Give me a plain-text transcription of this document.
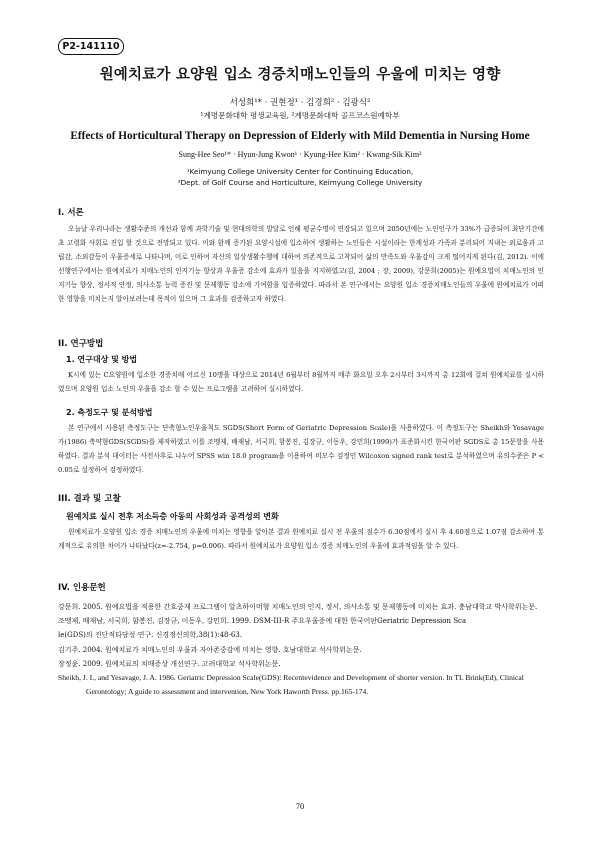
P2-141110
원예치료가 요양원 입소 경증치매노인들의 우울에 미치는 영향
서성희¹* · 권현정¹ · 김경희² · 김광식²
¹계명문화대학 평생교육원, ²계명문화대학 골프코스원예학부
Effects of Horticultural Therapy on Depression of Elderly with Mild Dementia in Nursing Home
Sung-Hee Seo¹* · Hyun-Jung Kwon¹ · Kyung-Hee Kim² · Kwang-Sik Kim²
¹Keimyung College University Center for Continuing Education,
²Dept. of Golf Course and Horticulture, Keimyung College University
I. 서론

오늘날 우리나라는 생활수준의 개선과 함께 과학기술 및 현대의학의 발달로 인해 평균수명이 연장되고 있으며 2050년에는 노인인구가 33%가 급증되어 최단기간에 초 고령화 사회로 진입 할 것으로 전망되고 있다. 이와 함께 증가된 요양시설에 입소하여 생활하는 노인들은 시설이라는 한계성과 가족과 분리되어 지내는 외로움과 고립감, 소외감등이 우울증세로 나타나며, 이로 인하여 자신의 일상생활수행에 대하여 의존적으로 고착되어 삶의 만족도와 우울감이 크게 떨어지게 된다(김, 2012). 이에 선행연구에서는 원예치료가 치매노인의 인지기능 향상과 우울증 감소에 효과가 있음을 지지하였고(김, 2004 ; 장, 2009), 강문희(2005)는 원예요법이 치매노인의 인지기능 향상, 정서적 안정, 의사소통 능력 증진 및 문제행동 감소에 기여함을 입증하였다. 따라서 본 연구에서는 요양원 입소 경증치매노인들의 우울에 원예치료가 어떠한 영향을 미치는지 알아보려는데 목적이 있으며 그 효과를 검증하고자 하였다.

II. 연구방법
1. 연구대상 및 방법

K시에 있는 C요양원에 입소한 경증치매 어르신 10명을 대상으로 2014년 6월부터 8월까지 매주 화요일 오후 2시부터 3시까지 총 12회에 걸쳐 원예치료를 실시하였으며 요양원 입소 노인의 우울을 감소 할 수 있는 프로그램을 고려하여 실시하였다.

2. 측정도구 및 분석방법

본 연구에서 사용된 측정도구는 단축형노인우울척도 SGDS(Short Form of Geriatric Depression Scale)을 사용하였다. 이 측정도구는 Sheikh와 Yesavage가(1986) 축약형GDS(SGDS)를 제작하였고 이를 조맹제, 배재남, 서국희, 함봉진, 김장규, 이동우, 강민희(1999)가 표준화시킨 한국어판 SGDS로 총 15문항을 사용하였다. 결과 분석 데이터는 사전사후로 나누어 SPSS win 18.0 program을 이용하여 비모수 검정인 Wilcoxon signed rank test로 분석하였으며 유의수준은 P < 0.05로 설정하여 검정하였다.

III. 결과 및 고찰
원예치료 실시 전후 저소득층 아동의 사회성과 공격성의 변화

원예치료가 요양원 입소 경증 치매노인의 우울에 미치는 영향을 알아본 결과 원예치료 실시 전 우울의 점수가 6.30점에서 실시 후 4.60점으로 1.07점 감소하여 통계적으로 유의한 차이가 나타났다(z=-2.754, p=0.006). 따라서 원예치료가 요양원 입소 경증 치매노인의 우울에 효과적임을 알 수 있다.

IV. 인용문헌

강문희. 2005. 원예요법을 적용한 간호중재 프로그램이 알츠하이머형 치매노인의 인지, 정서, 의사소통 및 문제행동에 미치는 효과. 충남대학교 박사학위논문.

조맹제, 배재남, 서국희, 함봉진, 김장규, 이동우, 강민희. 1999. DSM-III-R 주요우울증에 대한 한국어판Geriatric Depression Sca

le(GDS)의 진단적타당성 연구. 신경정신의학,38(1):48-63.

김기주. 2004. 원예치료가 치매노인의 우울과 자아존중감에 미치는 영향. 호남대학교 석사학위논문.

장정윤. 2009. 원예치료의 치매증상 개선연구. 고려대학교 석사학위논문.

Sheikh, J. I., and Yesavage, J. A. 1986. Geriatric Depression Scale(GDS): Recentevidence and Development of shorter version. In TL Brink(Ed), Clinical Gerontology; A guide to assessment and intervention, New York Haworth Press. pp.165-174.

70
